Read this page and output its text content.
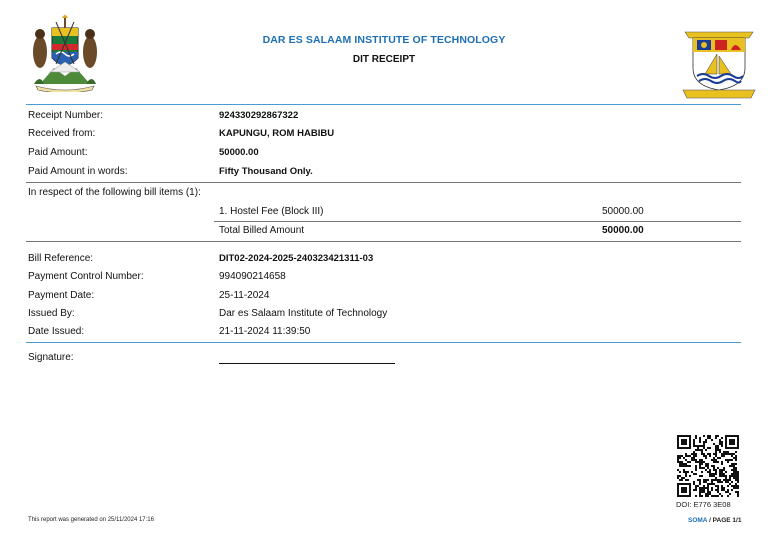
DAR ES SALAAM INSTITUTE OF TECHNOLOGY
DIT RECEIPT
Receipt Number:	924330292867322
Received from:	KAPUNGU, ROM HABIBU
Paid Amount:	50000.00
Paid Amount in words:	Fifty Thousand Only.
In respect of the following bill items (1):
1. Hostel Fee (Block III)	50000.00
Total Billed Amount	50000.00
Bill Reference:	DIT02-2024-2025-240323421311-03
Payment Control Number:	994090214658
Payment Date:	25-11-2024
Issued By:	Dar es Salaam Institute of Technology
Date Issued:	21-11-2024 11:39:50
Signature:
DOI: E776 3E08
This report was generated on 25/11/2024 17:16	SOMA / PAGE 1/1
